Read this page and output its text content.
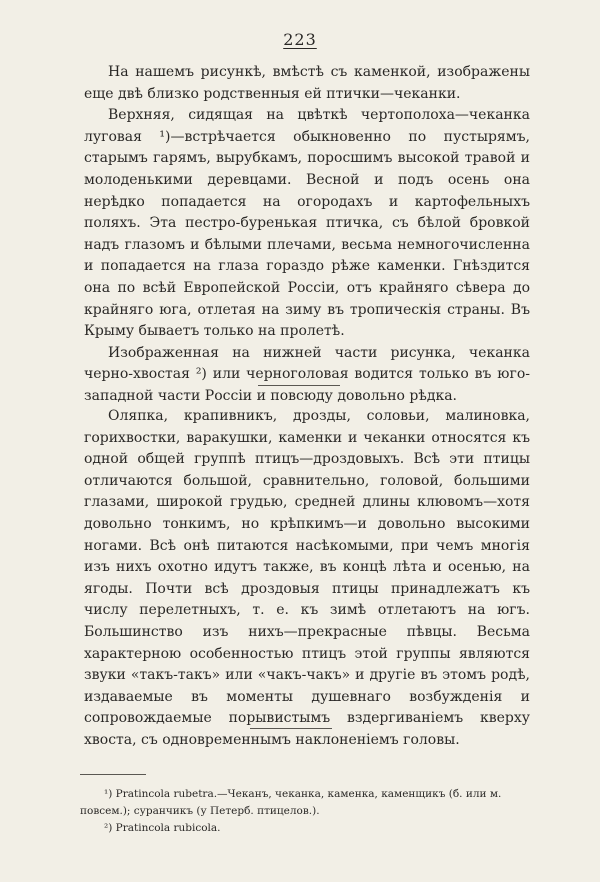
223

На нашемъ рисункѣ, вмѣстѣ съ каменкой, изображены еще двѣ близко родственныя ей птички—чеканки.

Верхняя, сидящая на цвѣткѣ чертополоха—чеканка луговая ¹)—встрѣчается обыкновенно по пустырямъ, старымъ гарямъ, вырубкамъ, поросшимъ высокой травой и молоденькими деревцами. Весной и подъ осень она нерѣдко попадается на огородахъ и картофельныхъ поляхъ. Эта пестро-буренькая птичка, съ бѣлой бровкой надъ глазомъ и бѣлыми плечами, весьма немногочисленна и попадается на глаза гораздо рѣже каменки. Гнѣздится она по всѣй Европейской Россіи, отъ крайняго сѣвера до крайняго юга, отлетая на зиму въ тропическія страны. Въ Крыму бываетъ только на пролетѣ.

Изображенная на нижней части рисунка, чеканка черно-хвостая ²) или черноголовая водится только въ юго-западной части Россіи и повсюду довольно рѣдка.

Оляпка, крапивникъ, дрозды, соловьи, малиновка, горихвостки, варакушки, каменки и чеканки относятся къ одной общей группѣ птицъ—дроздовыхъ. Всѣ эти птицы отличаются большой, сравнительно, головой, большими глазами, широкой грудью, средней длины клювомъ—хотя довольно тонкимъ, но крѣпкимъ—и довольно высокими ногами. Всѣ онѣ питаются насѣкомыми, при чемъ многія изъ нихъ охотно идутъ также, въ концѣ лѣта и осенью, на ягоды. Почти всѣ дроздовыя птицы принадлежатъ къ числу перелетныхъ, т. е. къ зимѣ отлетаютъ на югъ. Большинство изъ нихъ—прекрасные пѣвцы. Весьма характерною особенностью птицъ этой группы являются звуки «такъ-такъ» или «чакъ-чакъ» и другіе въ этомъ родѣ, издаваемые въ моменты душевнаго возбужденія и сопровождаемые порывистымъ вздергиваніемъ кверху хвоста, съ одновременнымъ наклоненіемъ головы.

¹) Pratincola rubetra.—Чеканъ, чеканка, каменка, каменщикъ (б. или м. повсем.); суранчикъ (у Петерб. птицелов.).

²) Pratincola rubicola.
